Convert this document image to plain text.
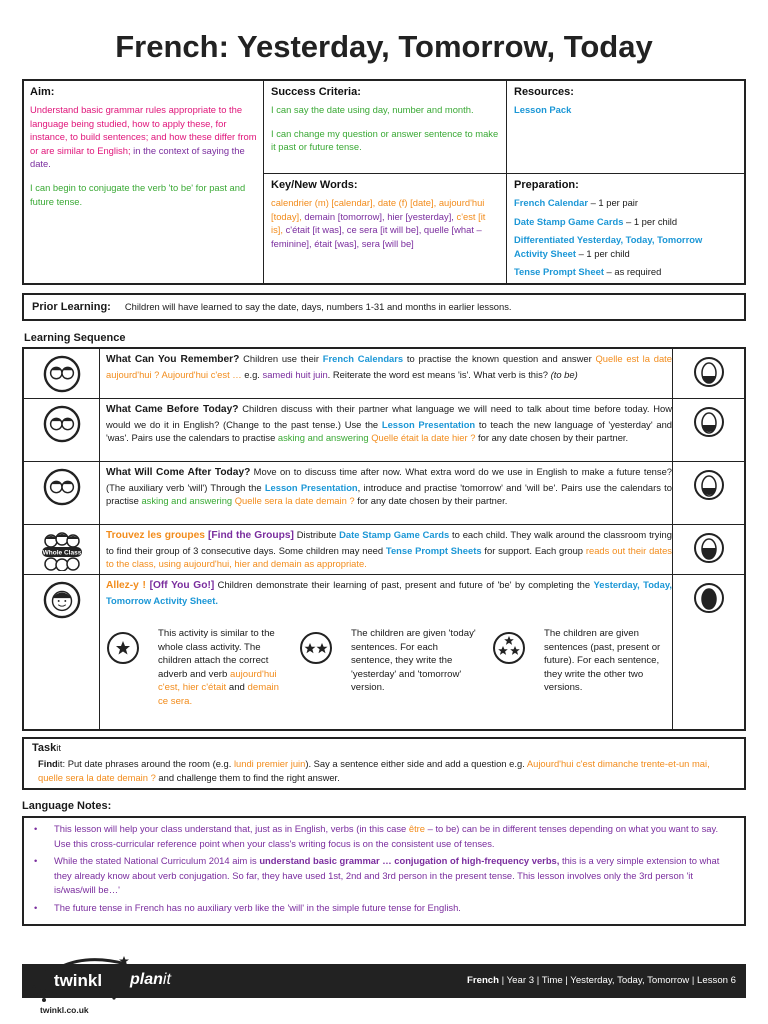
French: Yesterday, Tomorrow, Today
Aim:

Understand basic grammar rules appropriate to the language being studied, how to apply these, for instance, to build sentences; and how these differ from or are similar to English; in the context of saying the date.

I can begin to conjugate the verb 'to be' for past and future tense.

Success Criteria:

I can say the date using day, number and month.

I can change my question or answer sentence to make it past or future tense.

Resources:

Lesson Pack

Key/New Words:

calendrier (m) [calendar], date (f) [date], aujourd'hui [today], demain [tomorrow], hier [yesterday], c'est [it is], c'était [it was], ce sera [it will be], quelle [what – feminine], était [was], sera [will be]

Preparation:

French Calendar – 1 per pair

Date Stamp Game Cards – 1 per child

Differentiated Yesterday, Today, Tomorrow Activity Sheet – 1 per child

Tense Prompt Sheet – as required

Prior Learning: Children will have learned to say the date, days, numbers 1-31 and months in earlier lessons.
Learning Sequence
What Can You Remember? Children use their French Calendars to practise the known question and answer Quelle est la date aujourd'hui ? Aujourd'hui c'est … e.g. samedi huit juin. Reiterate the word est means 'is'. What verb is this? (to be)
What Came Before Today? Children discuss with their partner what language we will need to talk about time before today. How would we do it in English? (Change to the past tense.) Use the Lesson Presentation to teach the new language of 'yesterday' and 'was'. Pairs use the calendars to practise asking and answering Quelle était la date hier ? for any date chosen by their partner.
What Will Come After Today? Move on to discuss time after now. What extra word do we use in English to make a future tense? (The auxiliary verb 'will') Through the Lesson Presentation, introduce and practise 'tomorrow' and 'will be'. Pairs use the calendars to practise asking and answering Quelle sera la date demain ? for any date chosen by their partner.
Whole Class
Trouvez les groupes [Find the Groups] Distribute Date Stamp Game Cards to each child. They walk around the classroom trying to find their group of 3 consecutive days. Some children may need Tense Prompt Sheets for support. Each group reads out their dates to the class, using aujourd'hui, hier and demain as appropriate.
Allez-y ! [Off You Go!] Children demonstrate their learning of past, present and future of 'be' by completing the Yesterday, Today, Tomorrow Activity Sheet.
This activity is similar to the whole class activity. The children attach the correct adverb and verb aujourd'hui c'est, hier c'était and demain ce sera.
The children are given 'today' sentences. For each sentence, they write the 'yesterday' and 'tomorrow' version.
The children are given sentences (past, present or future). For each sentence, they write the other two versions.
Taskit
Findit: Put date phrases around the room (e.g. lundi premier juin). Say a sentence either side and add a question e.g. Aujourd'hui c'est dimanche trente-et-un mai, quelle sera la date demain ? and challenge them to find the right answer.
Language Notes:
• This lesson will help your class understand that, just as in English, verbs (in this case être – to be) can be in different tenses depending on what you want to say. Use this cross-curricular reference point when your class's writing focus is on the consistent use of tenses.
• While the stated National Curriculum 2014 aim is understand basic grammar … conjugation of high-frequency verbs, this is a very simple extension to what they already know about verb conjugation. So far, they have used 1st, 2nd and 3rd person in the present tense. This lesson involves only the 3rd person 'it is/was/will be…'
• The future tense in French has no auxiliary verb like the 'will' in the simple future tense for English.
planit	French | Year 3 | Time | Yesterday, Today, Tomorrow | Lesson 6
twinkl
twinkl.co.uk
